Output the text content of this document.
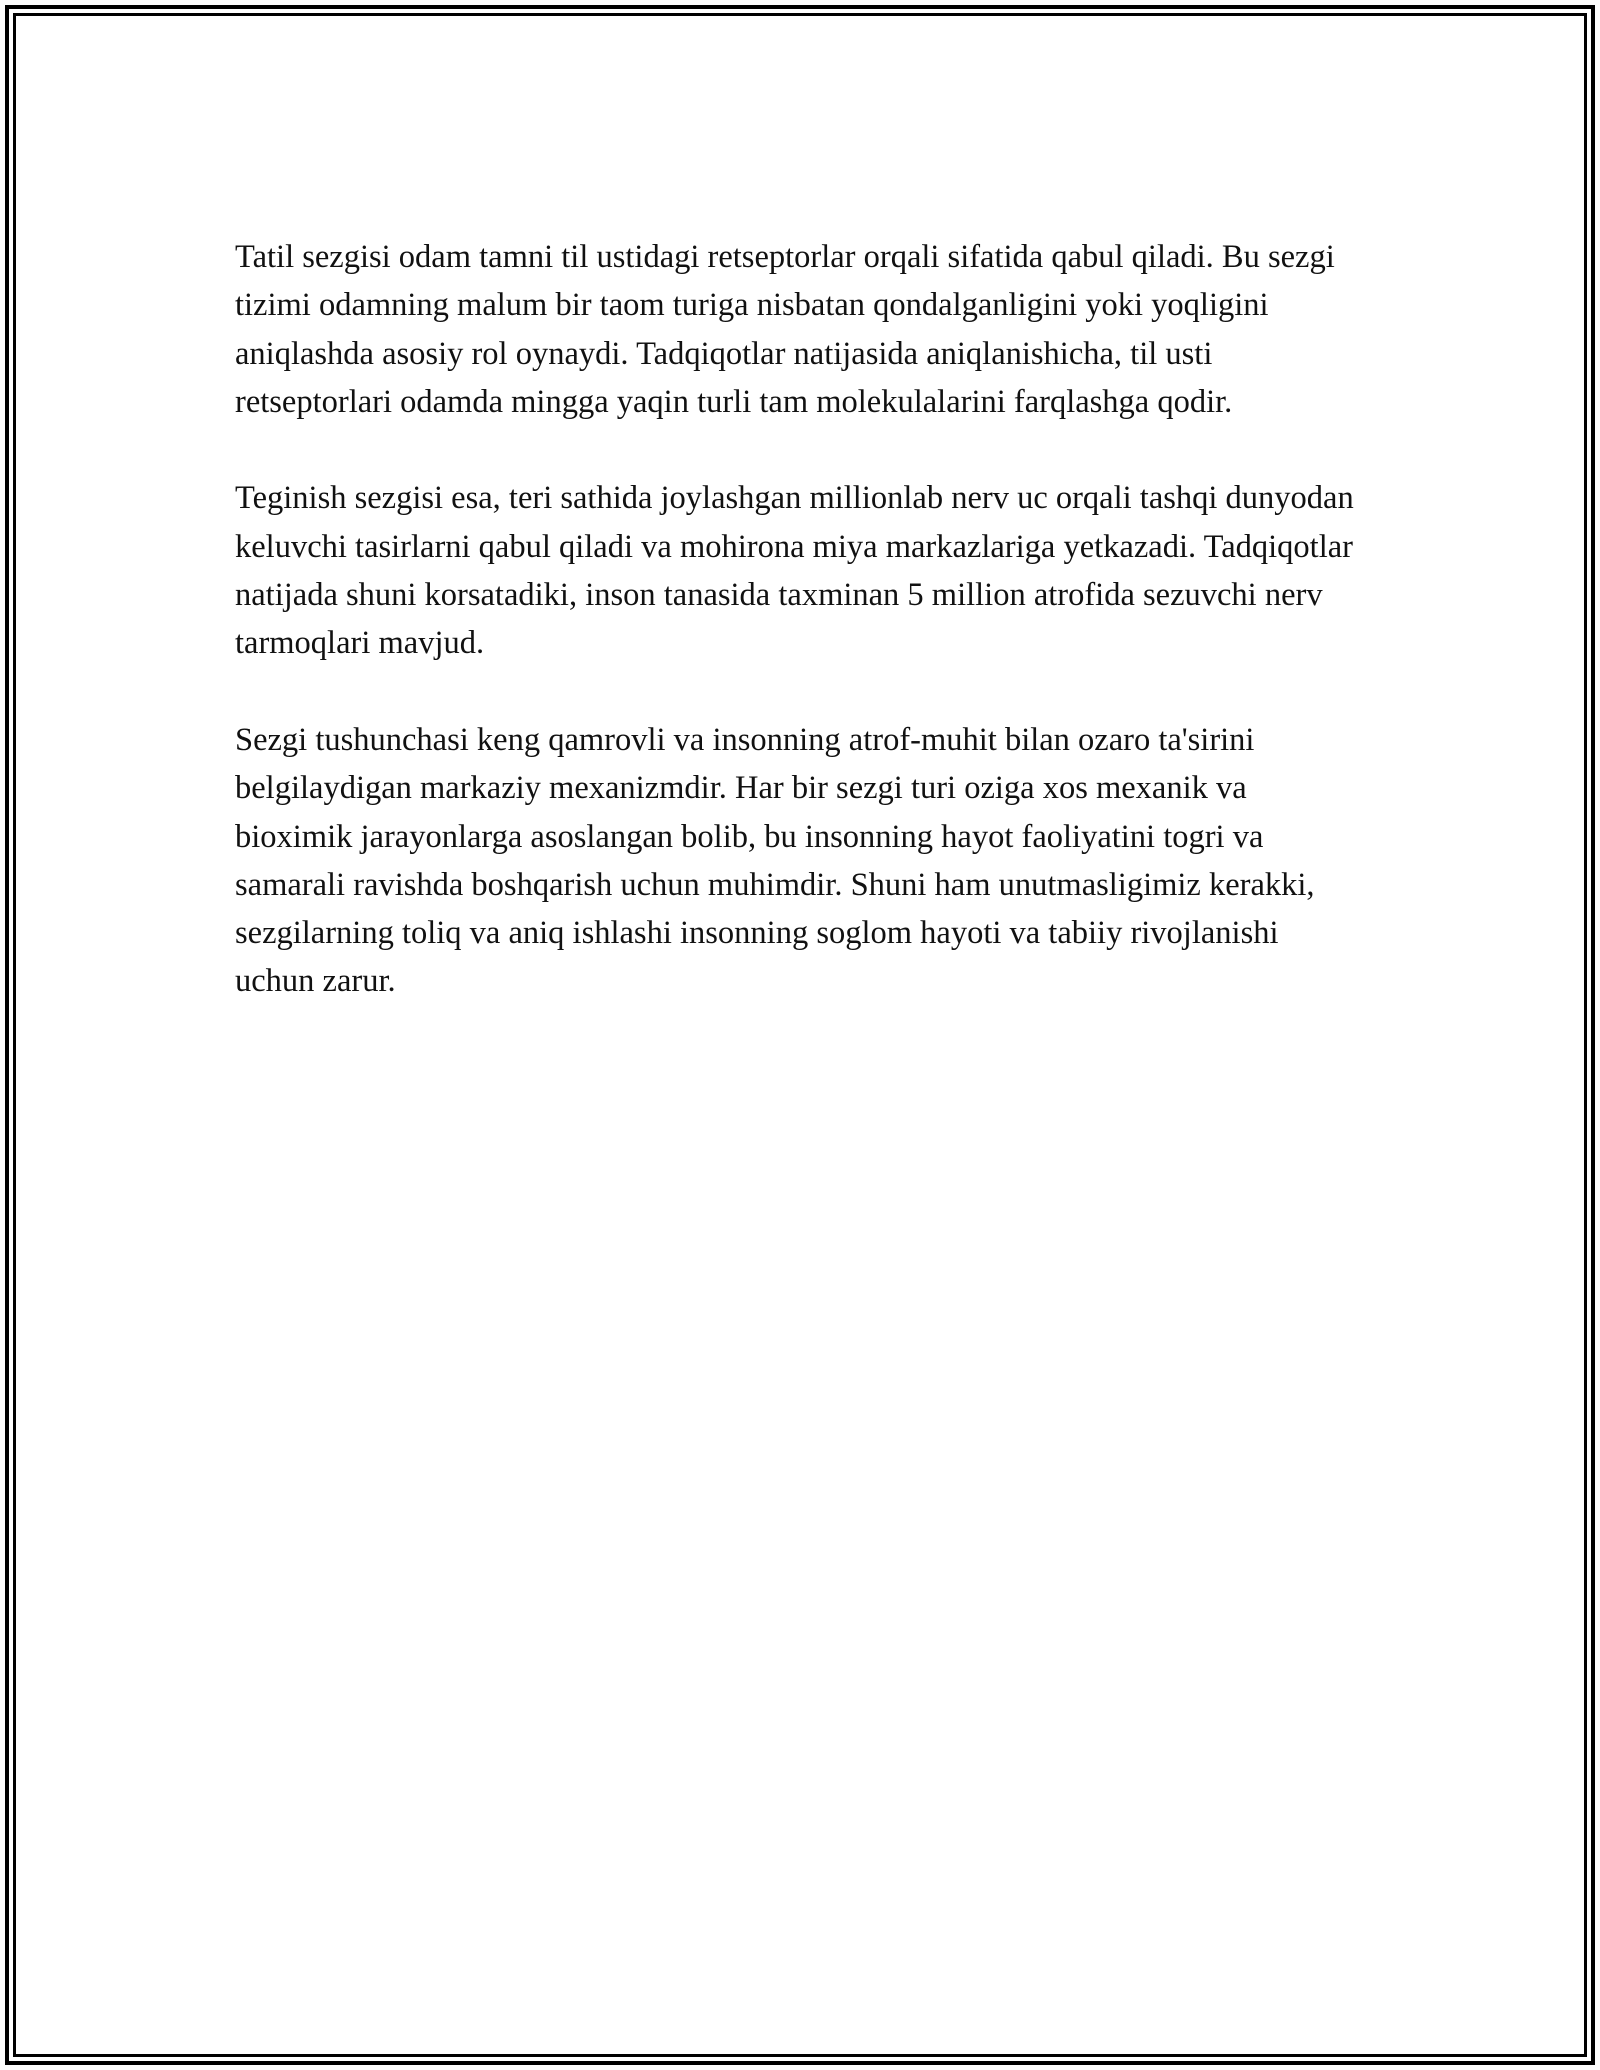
Tatil sezgisi odam tamni til ustidagi retseptorlar orqali sifatida qabul qiladi. Bu sezgi tizimi odamning malum bir taom turiga nisbatan qondalganligini yoki yoqligini aniqlashda asosiy rol oynaydi. Tadqiqotlar natijasida aniqlanishicha, til usti retseptorlari odamda mingga yaqin turli tam molekulalarini farqlashga qodir.

Teginish sezgisi esa, teri sathida joylashgan millionlab nerv uc orqali tashqi dunyodan keluvchi tasirlarni qabul qiladi va mohirona miya markazlariga yetkazadi. Tadqiqotlar natijada shuni korsatadiki, inson tanasida taxminan 5 million atrofida sezuvchi nerv tarmoqlari mavjud.

Sezgi tushunchasi keng qamrovli va insonning atrof-muhit bilan ozaro ta'sirini belgilaydigan markaziy mexanizmdir. Har bir sezgi turi oziga xos mexanik va bioximik jarayonlarga asoslangan bolib, bu insonning hayot faoliyatini togri va samarali ravishda boshqarish uchun muhimdir. Shuni ham unutmasligimiz kerakki, sezgilarning toliq va aniq ishlashi insonning soglom hayoti va tabiiy rivojlanishi uchun zarur.
